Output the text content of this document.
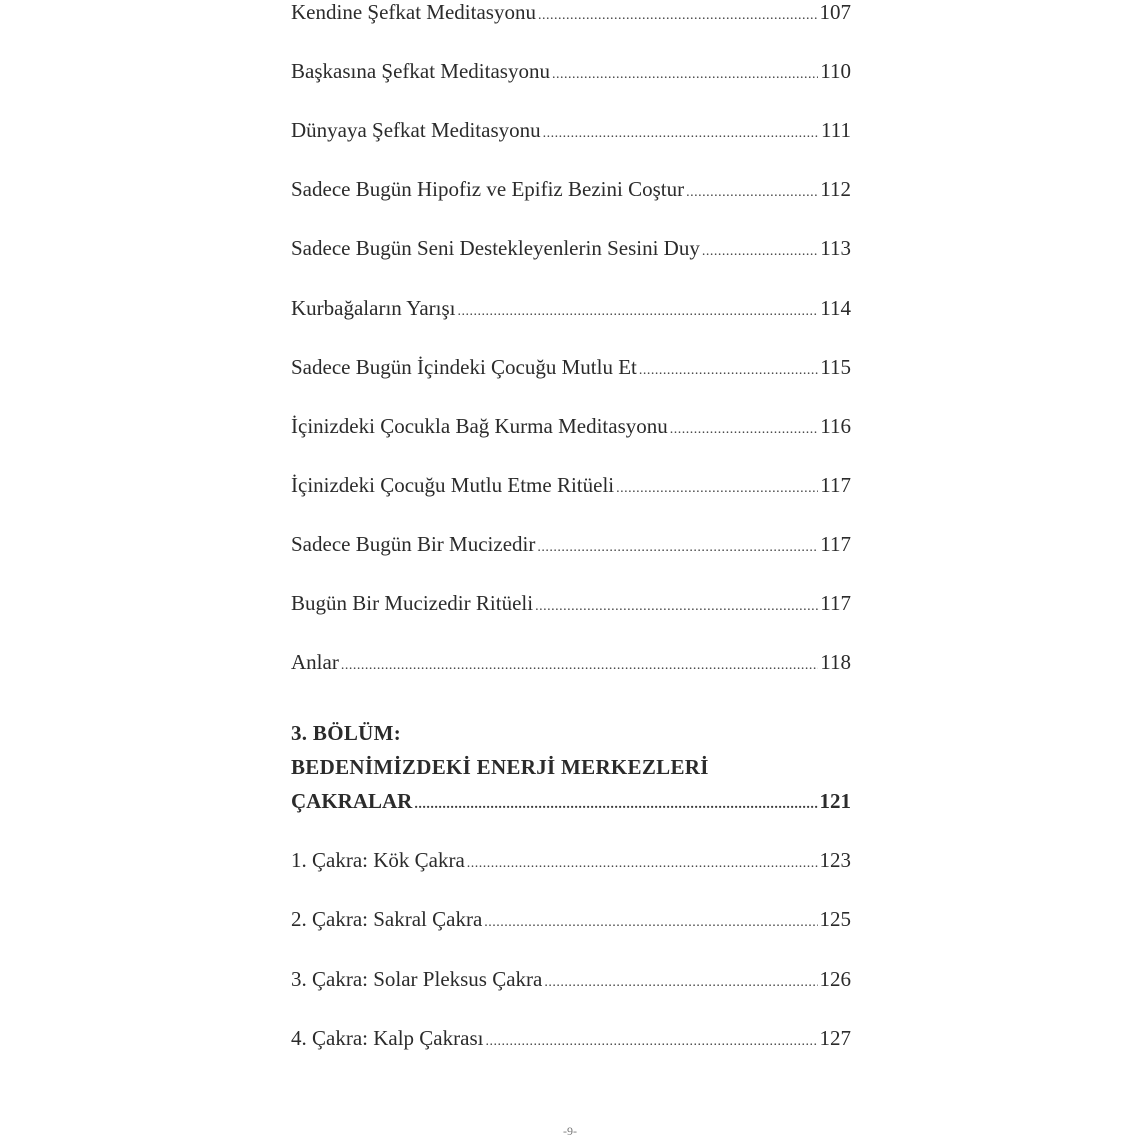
Kendine Şefkat Meditasyonu .....	107
Başkasına Şefkat Meditasyonu .....	110
Dünyaya Şefkat Meditasyonu .....	111
Sadece Bugün Hipofiz ve Epifiz Bezini Coştur .....	112
Sadece Bugün Seni Destekleyenlerin Sesini Duy .....	113
Kurbağaların Yarışı .....	114
Sadece Bugün İçindeki Çocuğu Mutlu Et .....	115
İçinizdeki Çocukla Bağ Kurma Meditasyonu .....	116
İçinizdeki Çocuğu Mutlu Etme Ritüeli .....	117
Sadece Bugün Bir Mucizedir .....	117
Bugün Bir Mucizedir Ritüeli .....	117
Anlar .....	118
3. BÖLÜM:
BEDENİMİZDEKİ ENERJİ MERKEZLERİ
ÇAKRALAR .....	121
1. Çakra: Kök Çakra .....	123
2. Çakra: Sakral Çakra .....	125
3. Çakra: Solar Pleksus Çakra .....	126
4. Çakra: Kalp Çakrası .....	127
-9-
